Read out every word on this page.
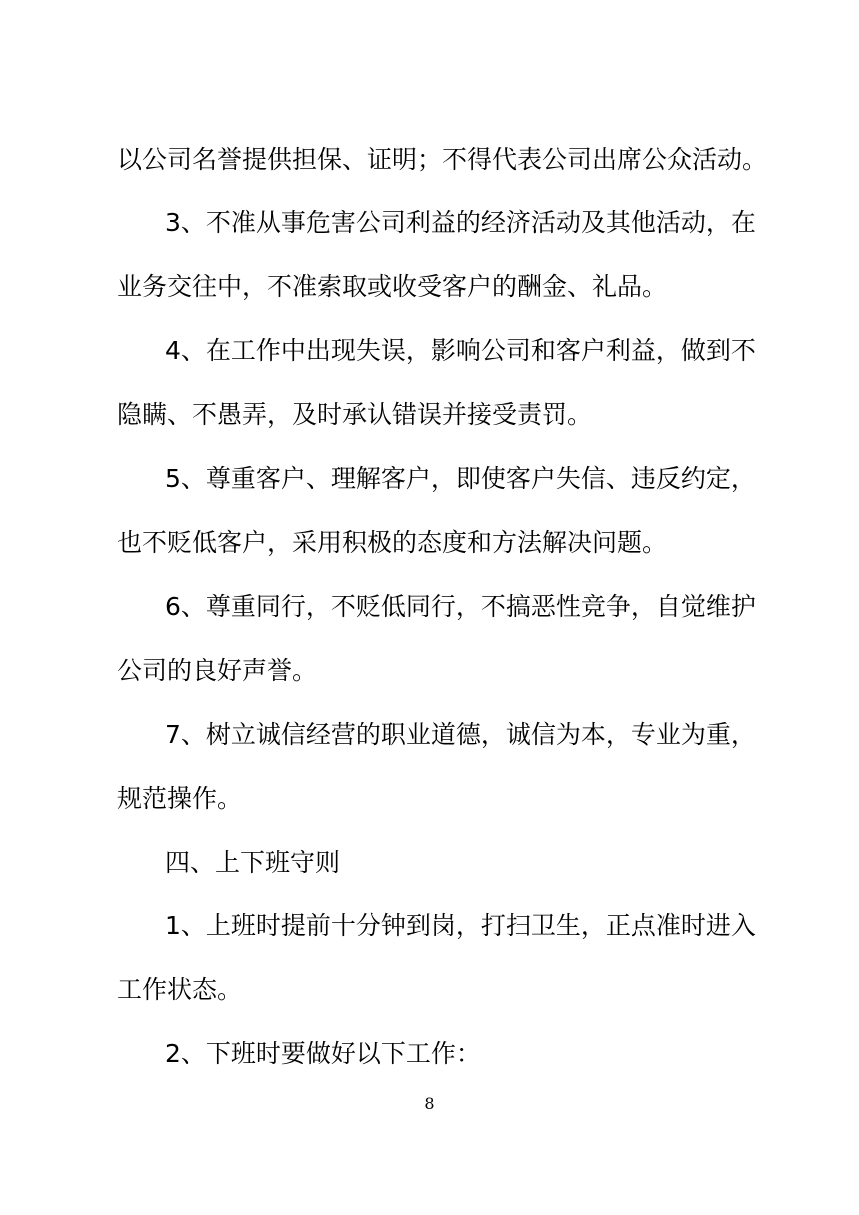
以公司名誉提供担保、证明；不得代表公司出席公众活动。
3、不准从事危害公司利益的经济活动及其他活动，在
业务交往中，不准索取或收受客户的酬金、礼品。
4、在工作中出现失误，影响公司和客户利益，做到不
隐瞒、不愚弄，及时承认错误并接受责罚。
5、尊重客户、理解客户，即使客户失信、违反约定，
也不贬低客户，采用积极的态度和方法解决问题。
6、尊重同行，不贬低同行，不搞恶性竞争，自觉维护
公司的良好声誉。
7、树立诚信经营的职业道德，诚信为本，专业为重，
规范操作。
四、上下班守则
1、上班时提前十分钟到岗，打扫卫生，正点准时进入
工作状态。
2、下班时要做好以下工作：
8
